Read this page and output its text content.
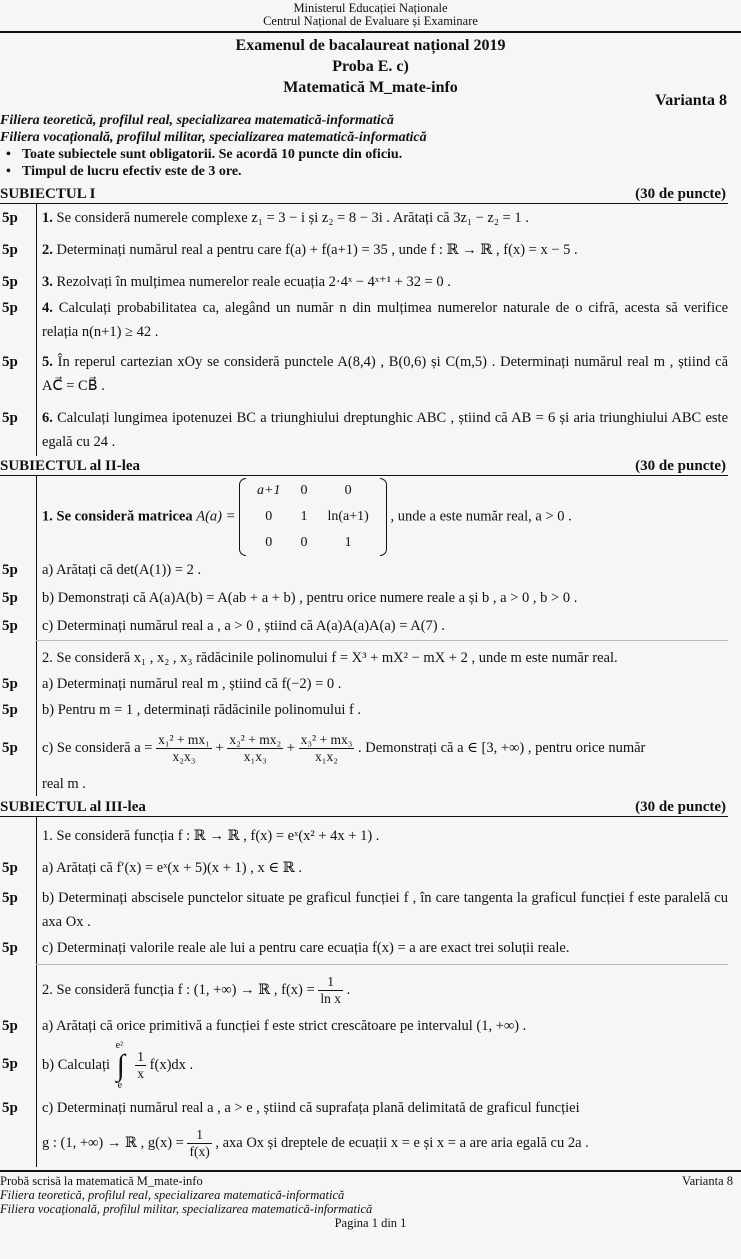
Ministerul Educației Naționale
Centrul Național de Evaluare și Examinare
Examenul de bacalaureat național 2019
Proba E. c)
Matematică M_mate-info
Varianta 8
Filiera teoretică, profilul real, specializarea matematică-informatică
Filiera vocațională, profilul militar, specializarea matematică-informatică
• Toate subiectele sunt obligatorii. Se acordă 10 puncte din oficiu.
• Timpul de lucru efectiv este de 3 ore.
SUBIECTUL I	(30 de puncte)
5p 1. Se consideră numerele complexe z₁ = 3 − i și z₂ = 8 − 3i . Arătați că 3z₁ − z₂ = 1 .
5p 2. Determinați numărul real a pentru care f(a) + f(a+1) = 35 , unde f : ℝ → ℝ , f(x) = x − 5 .
5p 3. Rezolvați în mulțimea numerelor reale ecuația 2·4ˣ − 4ˣ⁺¹ + 32 = 0 .
5p 4. Calculați probabilitatea ca, alegând un număr n din mulțimea numerelor naturale de o cifră, acesta să verifice relația n(n+1) ≥ 42 .
5p 5. În reperul cartezian xOy se consideră punctele A(8,4) , B(0,6) și C(m,5) . Determinați numărul real m , știind că AC⃗ = CB⃗ .
5p 6. Calculați lungimea ipotenuzei BC a triunghiului dreptunghic ABC , știind că AB = 6 și aria triunghiului ABC este egală cu 24 .
SUBIECTUL al II-lea	(30 de puncte)
1. Se consideră matricea A(a) =
a+1	0	0
0	1	ln(a+1)
0	0	1
, unde a este număr real, a > 0 .
5p a) Arătați că det(A(1)) = 2 .
5p b) Demonstrați că A(a)A(b) = A(ab + a + b) , pentru orice numere reale a și b , a > 0 , b > 0 .
5p c) Determinați numărul real a , a > 0 , știind că A(a)A(a)A(a) = A(7) .
2. Se consideră x₁ , x₂ , x₃ rădăcinile polinomului f = X³ + mX² − mX + 2 , unde m este număr real.
5p a) Determinați numărul real m , știind că f(−2) = 0 .
5p b) Pentru m = 1 , determinați rădăcinile polinomului f .
5p c) Se consideră $a = \frac{\text{x₁² + mx₁}}{\text{x₂x₃}} + \frac{\text{x₂² + mx₂}}{\text{x₁x₃}} + \frac{\text{x₃² + mx₃}}{\text{x₁x₂}}$ . Demonstrați că a ∈ [3, +∞) , pentru orice număr
real m .
SUBIECTUL al III-lea	(30 de puncte)
1. Se consideră funcția f : ℝ → ℝ , f(x) = eˣ(x² + 4x + 1) .
5p a) Arătați că f′(x) = eˣ(x + 5)(x + 1) , x ∈ ℝ .
5p b) Determinați abscisele punctelor situate pe graficul funcției f , în care tangenta la graficul funcției f este paralelă cu axa Ox .
5p c) Determinați valorile reale ale lui a pentru care ecuația f(x) = a are exact trei soluții reale.
2. Se consideră funcția f : (1, +∞) → ℝ , $f(x) = \frac{1}{\text{ln x}}$ .
5p a) Arătați că orice primitivă a funcției f este strict crescătoare pe intervalul (1, +∞) .
5p b) Calculați
e²
∫
e

$\frac{1}{x} f(x)dx$ .
5p c) Determinați numărul real a , a > e , știind că suprafața plană delimitată de graficul funcției
g : (1, +∞) → ℝ , $g(x) = \frac{1}{f(x)}$ , axa Ox și dreptele de ecuații x = e și x = a are aria egală cu 2a .
Probă scrisă la matematică M_mate-info	Varianta 8
Filiera teoretică, profilul real, specializarea matematică-informatică
Filiera vocațională, profilul militar, specializarea matematică-informatică
Pagina 1 din 1
